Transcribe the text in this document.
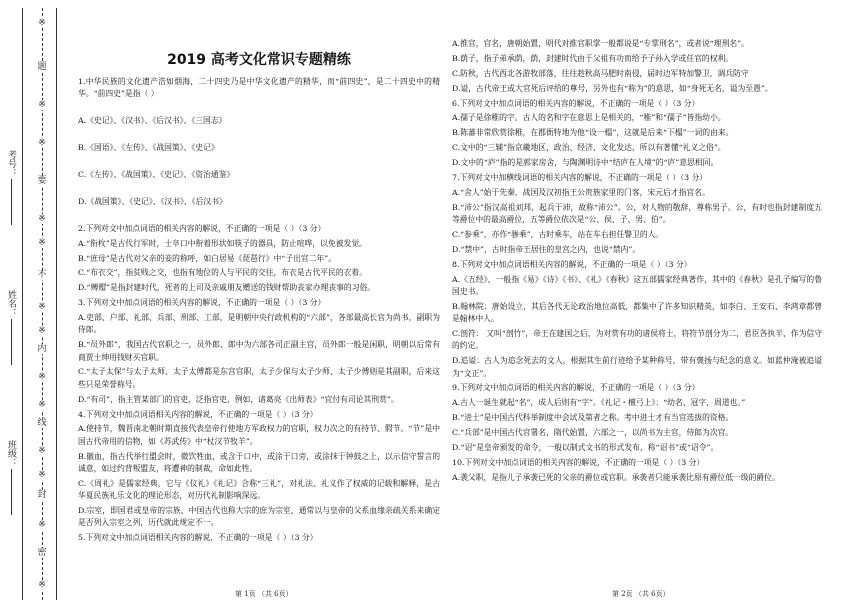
※
题
※
※
要
※
※
不
※
※
内
※
※
线
※
※
封
※
密
※
考号：
姓名：
班级：
2019 高考文化常识专题精练
1.中华民族的文化遗产浩如烟海，二十四史乃是中华文化遗产的精华，而“前四史”，是二十四史中的精华。“前四史”是指（ ）
A.《史记》、《汉书》、《后汉书》、《三国志》
B.《国语》、《左传》、《战国策》、《史记》
C.《左传》、《战国策》、《史记》、《资治通鉴》
D.《战国策》、《史记》、《汉书》、《后汉书》
2.下列对文中加点词语的相关内容的解说，不正确的一项是（ ）（3 分）
A.“衔枚”是古代行军时，士卒口中衔着形状如筷子的器具，防止喧哗，以免被发觉。
B.“庶母”是古代对父亲的妾的称呼，如白居易《琵琶行》中“子出官二年”。
C.“布衣交”，指贫贱之交，也指有地位的人与平民的交往，布衣是古代平民的衣着。
D.“赙赗”是指封建时代，死者的上司及亲戚朋友赠送的钱财帮助丧家办理丧事的习俗。
3.下列对文中加点词语的相关内容的解说，不正确的一项是（ ）（3 分）
A.吏部、户部、礼部、兵部、刑部、工部，是明朝中央行政机构的“六部”，各部最高长官为尚书，副职为侍郎。
B.“员外郎”，我国古代官职之一，员外郎、郎中为六部各司正副主官，员外郎一般是闲职，明朝以后常有商贾士绅用钱财买官职。
C.“太子太保”与太子太师、太子太傅都是东宫官职，太子少保与太子少师、太子少傅则是其副职，后来这些只是荣誉称号。
D.“有司”，指主管某部门的官吏，泛指官吏，例如，诸葛亮《出师表》“宜付有司论其刑赏”。
4.下列对文中加点词语相关内容的解说，不正确的一项是（ ）（3 分）
A.使持节，魏晋南北朝时期直接代表皇帝行使地方军政权力的官职，权力次之的有持节、假节。“节”是中国古代帝用的信物，如《苏武传》中“杖汉节牧羊”。
B.徽血，指古代举行盟会时，微饮牲血，或含于口中，或涂于口旁，或涂抹于钟鼓之上，以示信守誓言的诚意，如过约背叛盟友，将遭神的制裁，命如此牲。
C.《周礼》是儒家经典，它与《仪礼》《礼记》合称“三礼”，对礼法、礼义作了权威的记载和解释，是古华夏民族礼乐文化的理论形态，对历代礼制影响深远。
D.宗室，即国君或皇帝的宗族，中国古代也称大宗的庶为宗室，通常以与皇帝的父系血缘亲疏关系来确定是否列入宗室之列，历代就此规定不一。
5.下列对文中加点词语相关内容的解说，不正确的一项是（ ）（3 分）
A.推官，官名，唐朝始置，明代对推官职掌一般都说是“专掌刑名”，或者说“理刑名”。
B.荫子，指子弟承荫，荫，封建时代由于父祖有功而给予子孙入学或任官的权利。
C.防秋，古代西北各游牧部落，往往趁秋高马肥时南侵，届时边军特加警卫，调兵防守
D.谥，古代帝王或大官死后评给的尊号，另外也有“称为”的意思，如“身死无名，谥为至愚”。
6.下列对文中加点词语的相关内容的解说，不正确的一项是（ ）（3 分）
A.孺子是徐稚的字。古人的名和字在意思上是相关的，“稚”和“孺子”皆指幼小。
B.陈蕃非常欣赏徐稚，在郡衙特地为他“设一榻”，这就是后来“下榻”一词的由来。
C.文中的“三辅”指京畿地区，政治、经济、文化发达，所以有著懂“礼义之俗”。
D.文中的“庐”指的是郭家房舍，与陶渊明诗中“结庐在人境”的“庐”意思相同。
7.下列对文中加横线词语的相关内容的解说，不正确的一项是（ ）（3 分）
A.“舍人”始于先秦，战国及汉初指王公贵族家里的门客，宋元后才指官名。
B.“沛公”指汉高祖刘邦，起兵于沛，故称“沛公”。公，对人物的敬辞，尊称男子。公，有时也指封建制度五等爵位中的最高爵位，五等爵位依次是“公、侯、子、男、伯”。
C.“参乘”，亦作“骖乘”，古时乘车，站在车右担任警卫的人。
D.“禁中”，古时指帝王居住的皇宫之内，也说“禁内”。
8.下列对文中加点词语相关内容的解说，不正确的一项是（ ）（3 分）
A.《五经》，一般指《易》《诗》《书》、《礼》《春秋》这五部儒家经典著作，其中的《春秋》是孔子编写的鲁国史书。
B.翰林院：唐始设立，其后各代无论政治地位高低，都集中了许多知识精英，如李白、王安石、李鸿章都曾是翰林中人。
C.剖符： 又叫“剖竹”，帝王在建国之后，为对赏有功的诸侯将士，将符节剖分为二，君臣各执半，作为信守的约定。
D.追谥：古人为追念死去的文人，根据其生前行迹给予某种称号，带有褒扬与纪念的意义。如蓝仲淹被追谥为“文正”。
9.下列对文中加点词语的相关内容的解说，不正确的一项是（ ）（3 分）
A.古人一诞生就起“名”，成人后则有“字”。《礼记・檀弓上》：“幼名、冠字，周道也。”
B.“进士”是中国古代科举制度中会试及第者之称。考中进士才有当官选拔的资格。
C.“兵部”是中国古代官署名，隋代始置，六部之一，以尚书为主官，侍郎为次官。
D.“诏”是皇帝颁发的命令，一般以制式文书的形式发布，称“诏书”或“诏令”。
10.下列对文中加点词语的相关内容的解说，不正确的一项是（ ）（3 分）
A.袭父职，是指儿子承袭已死的父亲的爵位或官职。承袭者只能承袭比原有爵位低一级的爵位。
第 1页 （共 6页）	第 2页 （共 6页）
